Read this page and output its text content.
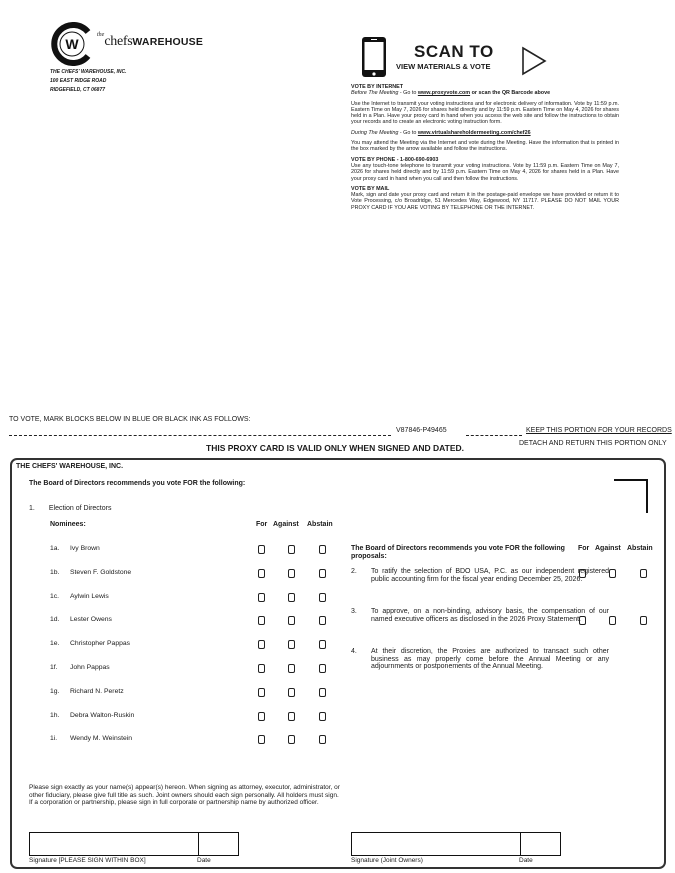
W
$^{the}$chefsWAREHOUSE
THE CHEFS' WAREHOUSE, INC.
100 EAST RIDGE ROAD
RIDGEFIELD, CT 06877
SCAN TO
VIEW MATERIALS & VOTE
VOTE BY INTERNET
Before The Meeting - Go to www.proxyvote.com or scan the QR Barcode above
Use the Internet to transmit your voting instructions and for electronic delivery of information. Vote by 11:59 p.m. Eastern Time on May 7, 2026 for shares held directly and by 11:59 p.m. Eastern Time on May 4, 2026 for shares held in a Plan. Have your proxy card in hand when you access the web site and follow the instructions to obtain your records and to create an electronic voting instruction form.
During The Meeting - Go to www.virtualshareholdermeeting.com/chef26
You may attend the Meeting via the Internet and vote during the Meeting. Have the information that is printed in the box marked by the arrow available and follow the instructions.
VOTE BY PHONE - 1-800-690-6903
Use any touch-tone telephone to transmit your voting instructions. Vote by 11:59 p.m. Eastern Time on May 7, 2026 for shares held directly and by 11:59 p.m. Eastern Time on May 4, 2026 for shares held in a Plan. Have your proxy card in hand when you call and then follow the instructions.
VOTE BY MAIL
Mark, sign and date your proxy card and return it in the postage-paid envelope we have provided or return it to Vote Processing, c/o Broadridge, 51 Mercedes Way, Edgewood, NY 11717. PLEASE DO NOT MAIL YOUR PROXY CARD IF YOU ARE VOTING BY TELEPHONE OR THE INTERNET.
TO VOTE, MARK BLOCKS BELOW IN BLUE OR BLACK INK AS FOLLOWS:
V87846-P49465	KEEP THIS PORTION FOR YOUR RECORDS
THIS PROXY CARD IS VALID ONLY WHEN SIGNED AND DATED.	DETACH AND RETURN THIS PORTION ONLY
THE CHEFS' WAREHOUSE, INC.
The Board of Directors recommends you vote FOR the following:
1. Election of Directors
Nominees:	For Against Abstain
1a. Ivy Brown
1b. Steven F. Goldstone
1c. Aylwin Lewis
1d. Lester Owens
1e. Christopher Pappas
1f. John Pappas
1g. Richard N. Peretz
1h. Debra Walton-Ruskin
1i. Wendy M. Weinstein
The Board of Directors recommends you vote FOR the following proposals:
For Against Abstain
2. To ratify the selection of BDO USA, P.C. as our independent registered public accounting firm for the fiscal year ending December 25, 2026.
3. To approve, on a non-binding, advisory basis, the compensation of our named executive officers as disclosed in the 2026 Proxy Statement.
4. At their discretion, the Proxies are authorized to transact such other business as may properly come before the Annual Meeting or any adjournments or postponements of the Annual Meeting.
Please sign exactly as your name(s) appear(s) hereon. When signing as attorney, executor, administrator, or other fiduciary, please give full title as such. Joint owners should each sign personally. All holders must sign. If a corporation or partnership, please sign in full corporate or partnership name by authorized officer.
Signature [PLEASE SIGN WITHIN BOX]	Date	Signature (Joint Owners)	Date
